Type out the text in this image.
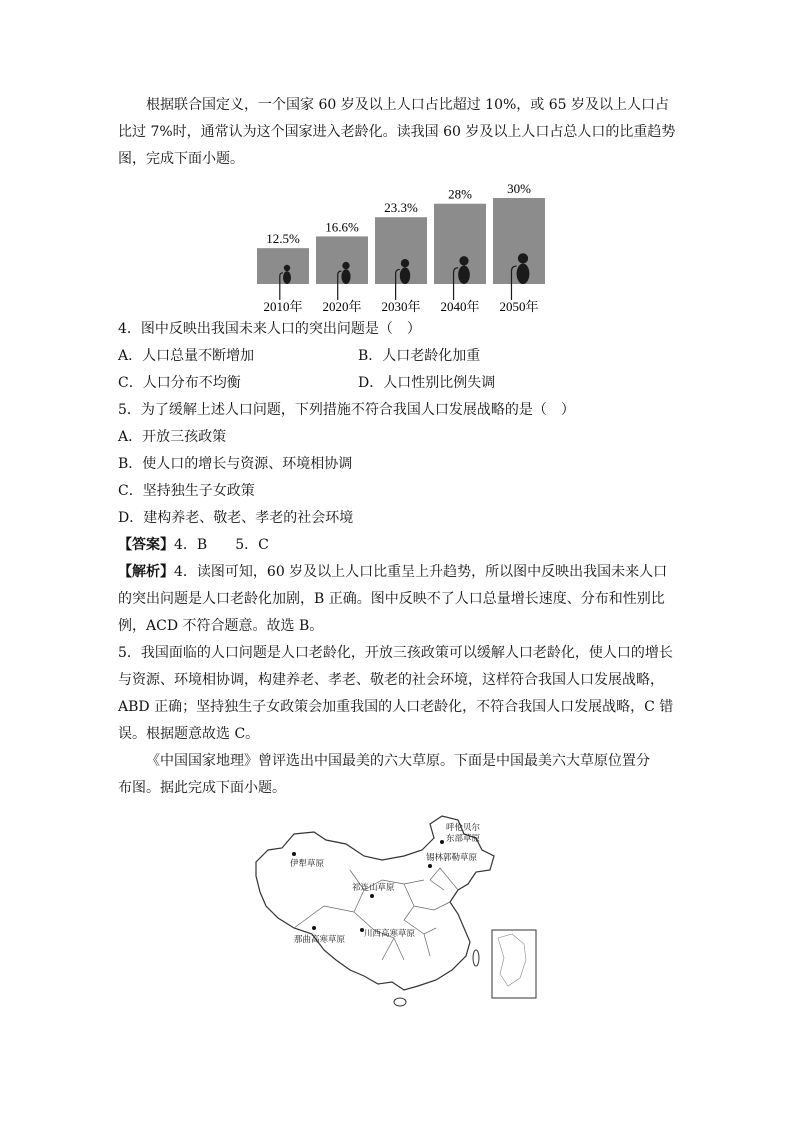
根据联合国定义，一个国家 60 岁及以上人口占比超过 10%，或 65 岁及以上人口占

比过 7%时，通常认为这个国家进入老龄化。读我国 60 岁及以上人口占总人口的比重趋势

图，完成下面小题。

12.5%
2010年
16.6%
2020年
23.3%
2030年
28%
2040年
30%
2050年

4．图中反映出我国未来人口的突出问题是（　）

A．人口总量不断增加	B．人口老龄化加重
C．人口分布不均衡	D．人口性别比例失调

5．为了缓解上述人口问题，下列措施不符合我国人口发展战略的是（　）

A．开放三孩政策

B．使人口的增长与资源、环境相协调

C．坚持独生子女政策

D．建构养老、敬老、孝老的社会环境

【答案】4．B　　5．C

【解析】4．读图可知，60 岁及以上人口比重呈上升趋势，所以图中反映出我国未来人口

的突出问题是人口老龄化加剧，B 正确。图中反映不了人口总量增长速度、分布和性别比

例，ACD 不符合题意。故选 B。

5．我国面临的人口问题是人口老龄化，开放三孩政策可以缓解人口老龄化，使人口的增长

与资源、环境相协调，构建养老、孝老、敬老的社会环境，这样符合我国人口发展战略，

ABD 正确；坚持独生子女政策会加重我国的人口老龄化，不符合我国人口发展战略，C 错

误。根据题意故选 C。

《中国国家地理》曾评选出中国最美的六大草原。下面是中国最美六大草原位置分

布图。据此完成下面小题。

呼伦贝尔
东部草原
锡林郭勒草原
伊犁草原
祁连山草原
那曲高寒草原
川西高寒草原
